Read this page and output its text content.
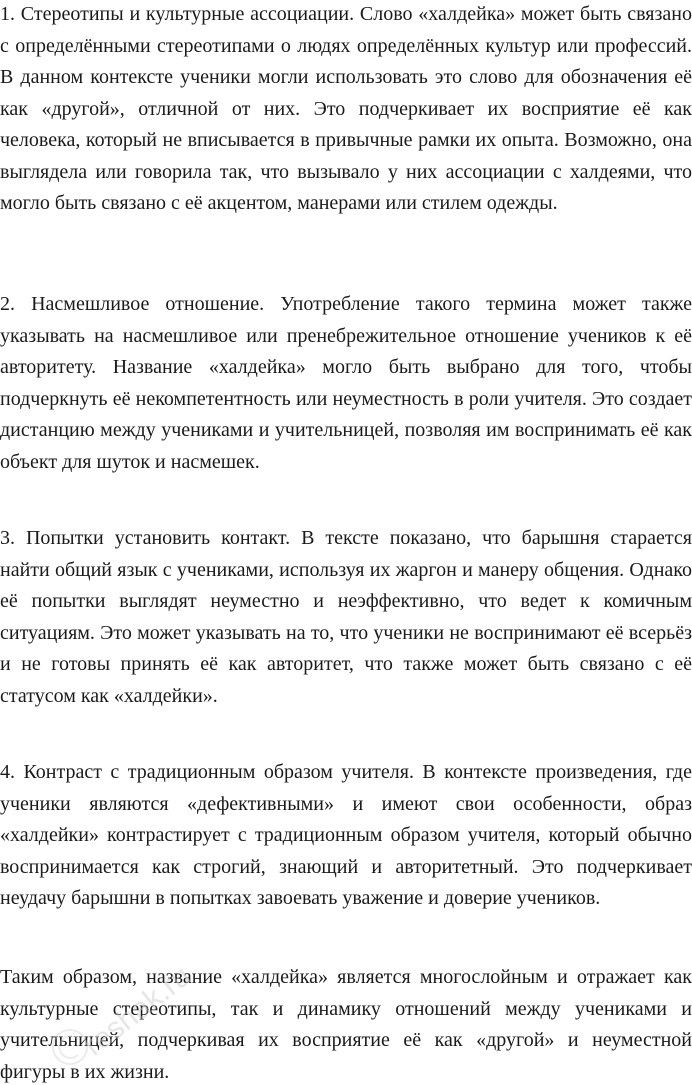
1. Стереотипы и культурные ассоциации. Слово «халдейка» может быть связано с определёнными стереотипами о людях определённых культур или профессий. В данном контексте ученики могли использовать это слово для обозначения её как «другой», отличной от них. Это подчеркивает их восприятие её как человека, который не вписывается в привычные рамки их опыта. Возможно, она выглядела или говорила так, что вызывало у них ассоциации с халдеями, что могло быть связано с её акцентом, манерами или стилем одежды.

2. Насмешливое отношение. Употребление такого термина может также указывать на насмешливое или пренебрежительное отношение учеников к её авторитету. Название «халдейка» могло быть выбрано для того, чтобы подчеркнуть её некомпетентность или неуместность в роли учителя. Это создает дистанцию между учениками и учительницей, позволяя им воспринимать её как объект для шуток и насмешек.

3. Попытки установить контакт. В тексте показано, что барышня старается найти общий язык с учениками, используя их жаргон и манеру общения. Однако её попытки выглядят неуместно и неэффективно, что ведет к комичным ситуациям. Это может указывать на то, что ученики не воспринимают её всерьёз и не готовы принять её как авторитет, что также может быть связано с её статусом как «халдейки».

4. Контраст с традиционным образом учителя. В контексте произведения, где ученики являются «дефективными» и имеют свои особенности, образ «халдейки» контрастирует с традиционным образом учителя, который обычно воспринимается как строгий, знающий и авторитетный. Это подчеркивает неудачу барышни в попытках завоевать уважение и доверие учеников.

Таким образом, название «халдейка» является многослойным и отражает как культурные стереотипы, так и динамику отношений между учениками и учительницей, подчеркивая их восприятие её как «другой» и неуместной фигуры в их жизни.

reshak.ru
